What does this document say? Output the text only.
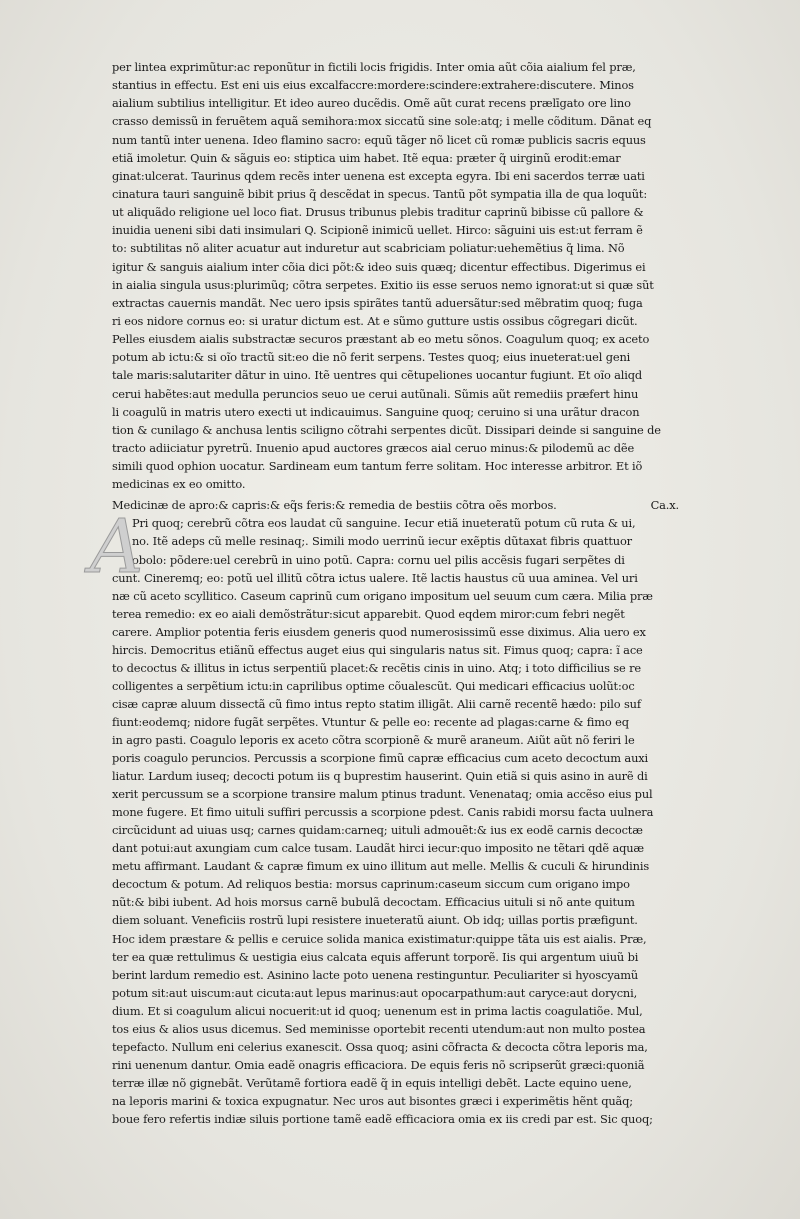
per lintea exprimũtur:ac reponũtur in fictili locis frigidis. Inter omia aũt cõia aialium fel præ,
stantius in effectu. Est eni uis eius excalfaccre:mordere:scindere:extrahere:discutere. Minos
aialium subtilius intelligitur. Et ideo aureo ducẽdis. Omẽ aũt curat recens prælīgato ore lino
crasso demissũ in feruẽtem aquã semihora:mox siccatũ sine sole:atq; i melle cõditum. Dãnat eq
num tantũ inter uenena. Ideo flamino sacro: equũ tãger nõ licet cũ romæ publicis sacris equus
etiã imoletur. Quin & sãguis eo: stiptica uim habet. Itẽ equa: præter q̃ uirginũ erodit:emar
ginat:ulcerat. Taurinus qdem recẽs inter uenena est excepta egyra. Ibi eni sacerdos terræ uati
cinatura tauri sanguinẽ bibit prius q̃ descẽdat in specus. Tantũ põt sympatia illa de qua loquũt:
ut aliquãdo religione uel loco fiat. Drusus tribunus plebis traditur caprinũ bibisse cũ pallore &
inuidia ueneni sibi dati insimulari Q. Scipionẽ inimicũ uellet. Hirco: sãguini uis est:ut ferram ẽ
to: subtilitas nõ aliter acuatur aut induretur aut scabriciam poliatur:uehemẽtius q̃ lima. Nõ
igitur & sanguis aialium inter cõia dici põt:& ideo suis quæq; dicentur effectibus. Digerimus ei
in aialia singula usus:plurimũq; cõtra serpetes. Exitio iis esse seruos nemo ignorat:ut si quæ sũt
extractas cauernis mandãt. Nec uero ipsis spirãtes tantũ aduersãtur:sed mẽbratim quoq; fuga
ri eos nidore cornus eo: si uratur dictum est. At e sũmo gutture ustis ossibus cõgregari dicũt.
Pelles eiusdem aialis substractæ securos præstant ab eo metu sõnos. Coagulum quoq; ex aceto
potum ab ictu:& si oĩo tractũ sit:eo die nõ ferit serpens. Testes quoq; eius inueterat:uel geni
tale maris:salutariter dãtur in uino. Itẽ uentres qui cẽtupeliones uocantur fugiunt. Et oĩo aliqd
cerui habẽtes:aut medulla peruncios seuo ue cerui autũnali. Sũmis aũt remediis præfert hinu
li coagulũ in matris utero execti ut indicauimus. Sanguine quoq; ceruino si una urãtur dracon
tion & cunilago & anchusa lentis sciligno cõtrahi serpentes dicũt. Dissipari deinde si sanguine de
tracto adiiciatur pyretrũ. Inuenio apud auctores græcos aial ceruo minus:& pilodemũ ac dẽe
simili quod ophion uocatur. Sardineam eum tantum ferre solitam. Hoc interesse arbitror. Et iõ
medicinas ex eo omitto.
Medicinæ de apro:& capris:& eq̃s feris:& remedia de bestiis cõtra oẽs morbos.	Ca.x.
A
Pri quoq; cerebrũ cõtra eos laudat cũ sanguine. Iecur etiã inueteratũ potum cũ ruta & ui,
no. Itẽ adeps cũ melle resinaq;. Simili modo uerrinũ iecur exẽptis dũtaxat fibris quattuor
obolo: põdere:uel cerebrũ in uino potũ. Capra: cornu uel pilis accẽsis fugari serpẽtes di
cunt. Cineremq; eo: potũ uel illitũ cõtra ictus ualere. Itẽ lactis haustus cũ uua aminea. Vel uri
næ cũ aceto scyllitico. Caseum caprinũ cum origano impositum uel seuum cum cæra. Milia præ
terea remedio: ex eo aiali demõstrãtur:sicut apparebit. Quod eqdem miror:cum febri negẽt
carere. Amplior potentia feris eiusdem generis quod numerosissimũ esse diximus. Alia uero ex
hircis. Democritus etiãnũ effectus auget eius qui singularis natus sit. Fimus quoq; capra: ĩ ace
to decoctus & illitus in ictus serpentiũ placet:& recẽtis cinis in uino. Atq; i toto difficilius se re
colligentes a serpẽtium ictu:in caprilibus optime cõualescũt. Qui medicari efficacius uolũt:oc
cisæ capræ aluum dissectã cũ fimo intus repto statim illigãt. Alii carnẽ recentẽ hædo: pilo suf
fiunt:eodemq; nidore fugãt serpẽtes. Vtuntur & pelle eo: recente ad plagas:carne & fimo eq
in agro pasti. Coagulo leporis ex aceto cõtra scorpionẽ & murẽ araneum. Aiũt aũt nõ feriri le
poris coagulo peruncios. Percussis a scorpione fimũ capræ efficacius cum aceto decoctum auxi
liatur. Lardum iuseq; decocti potum iis q buprestim hauserint. Quin etiã si quis asino in aurẽ di
xerit percussum se a scorpione transire malum ptinus tradunt. Venenataq; omia accẽso eius pul
mone fugere. Et fimo uituli suffiri percussis a scorpione pdest. Canis rabidi morsu facta uulnera
circũcidunt ad uiuas usq; carnes quidam:carneq; uituli admouẽt:& ius ex eodẽ carnis decoctæ
dant potui:aut axungiam cum calce tusam. Laudãt hirci iecur:quo imposito ne tẽtari qdẽ aquæ
metu affirmant. Laudant & capræ fimum ex uino illitum aut melle. Mellis & cuculi & hirundinis
decoctum & potum. Ad reliquos bestia: morsus caprinum:caseum siccum cum origano impo
nũt:& bibi iubent. Ad hois morsus carnẽ bubulã decoctam. Efficacius uituli si nõ ante quitum
diem soluant. Veneficiis rostrũ lupi resistere inueteratũ aiunt. Ob idq; uillas portis præfigunt.
Hoc idem præstare & pellis e ceruice solida manica existimatur:quippe tãta uis est aialis. Præ,
ter ea quæ rettulimus & uestigia eius calcata equis afferunt torporẽ. Iis qui argentum uiuũ bi
berint lardum remedio est. Asinino lacte poto uenena restinguntur. Peculiariter si hyoscyamũ
potum sit:aut uiscum:aut cicuta:aut lepus marinus:aut opocarpathum:aut caryce:aut dorycni,
dium. Et si coagulum alicui nocuerit:ut id quoq; uenenum est in prima lactis coagulatiõe. Mul,
tos eius & alios usus dicemus. Sed meminisse oportebit recenti utendum:aut non multo postea
tepefacto. Nullum eni celerius exanescit. Ossa quoq; asini cõfracta & decocta cõtra leporis ma,
rini uenenum dantur. Omia eadẽ onagris efficaciora. De equis feris nõ scripserũt græci:quoniã
terræ illæ nõ gignebãt. Verũtamẽ fortiora eadẽ q̃ in equis intelligi debẽt. Lacte equino uene,
na leporis marini & toxica expugnatur. Nec uros aut bisontes græci i experimẽtis hẽnt quãq;
boue fero refertis indiæ siluis portione tamẽ eadẽ efficaciora omia ex iis credi par est. Sic quoq;
